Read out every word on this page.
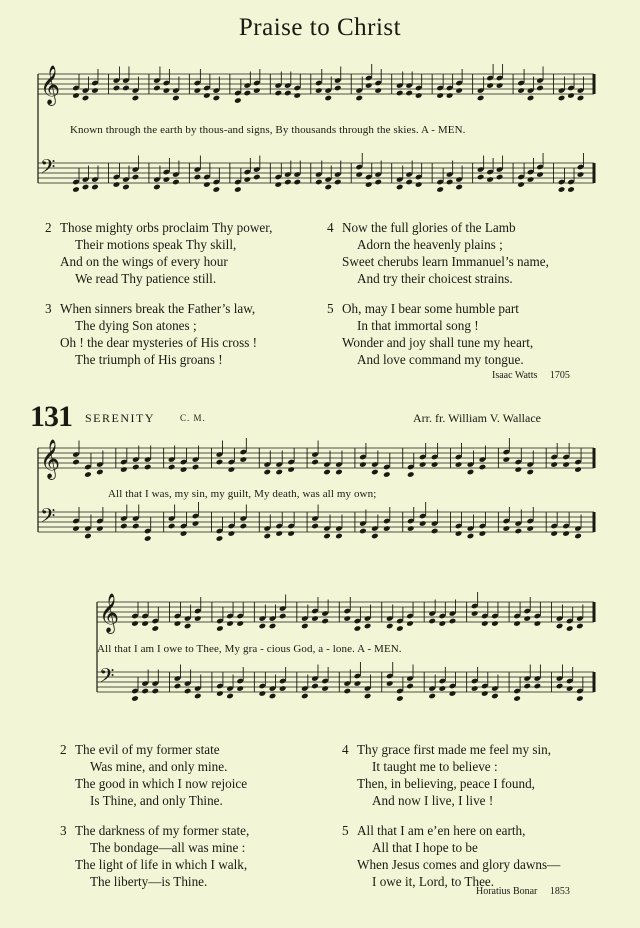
Praise to Christ
𝄞
𝄢
Known through the earth by thous-and signs, By thousands through the skies. A - MEN.
2 Those mighty orbs proclaim Thy power,
Their motions speak Thy skill,
And on the wings of every hour
We read Thy patience still.
3 When sinners break the Father’s law,
The dying Son atones ;
Oh ! the dear mysteries of His cross !
The triumph of His groans !
4 Now the full glories of the Lamb
Adorn the heavenly plains ;
Sweet cherubs learn Immanuel’s name,
And try their choicest strains.
5 Oh, may I bear some humble part
In that immortal song !
Wonder and joy shall tune my heart,
And love command my tongue.
Isaac Watts 1705
131 SERENITY	C. M.	Arr. fr. William V. Wallace
𝄞
𝄢
𝄞
𝄢
All that I was, my sin, my guilt, My death, was all my own;
All that I am I owe to Thee, My gra - cious God, a - lone. A - MEN.
2 The evil of my former state
Was mine, and only mine.
The good in which I now rejoice
Is Thine, and only Thine.
3 The darkness of my former state,
The bondage—all was mine :
The light of life in which I walk,
The liberty—is Thine.
4 Thy grace first made me feel my sin,
It taught me to believe :
Then, in believing, peace I found,
And now I live, I live !
5 All that I am e’en here on earth,
All that I hope to be
When Jesus comes and glory dawns—
I owe it, Lord, to Thee.
Horatius Bonar 1853
